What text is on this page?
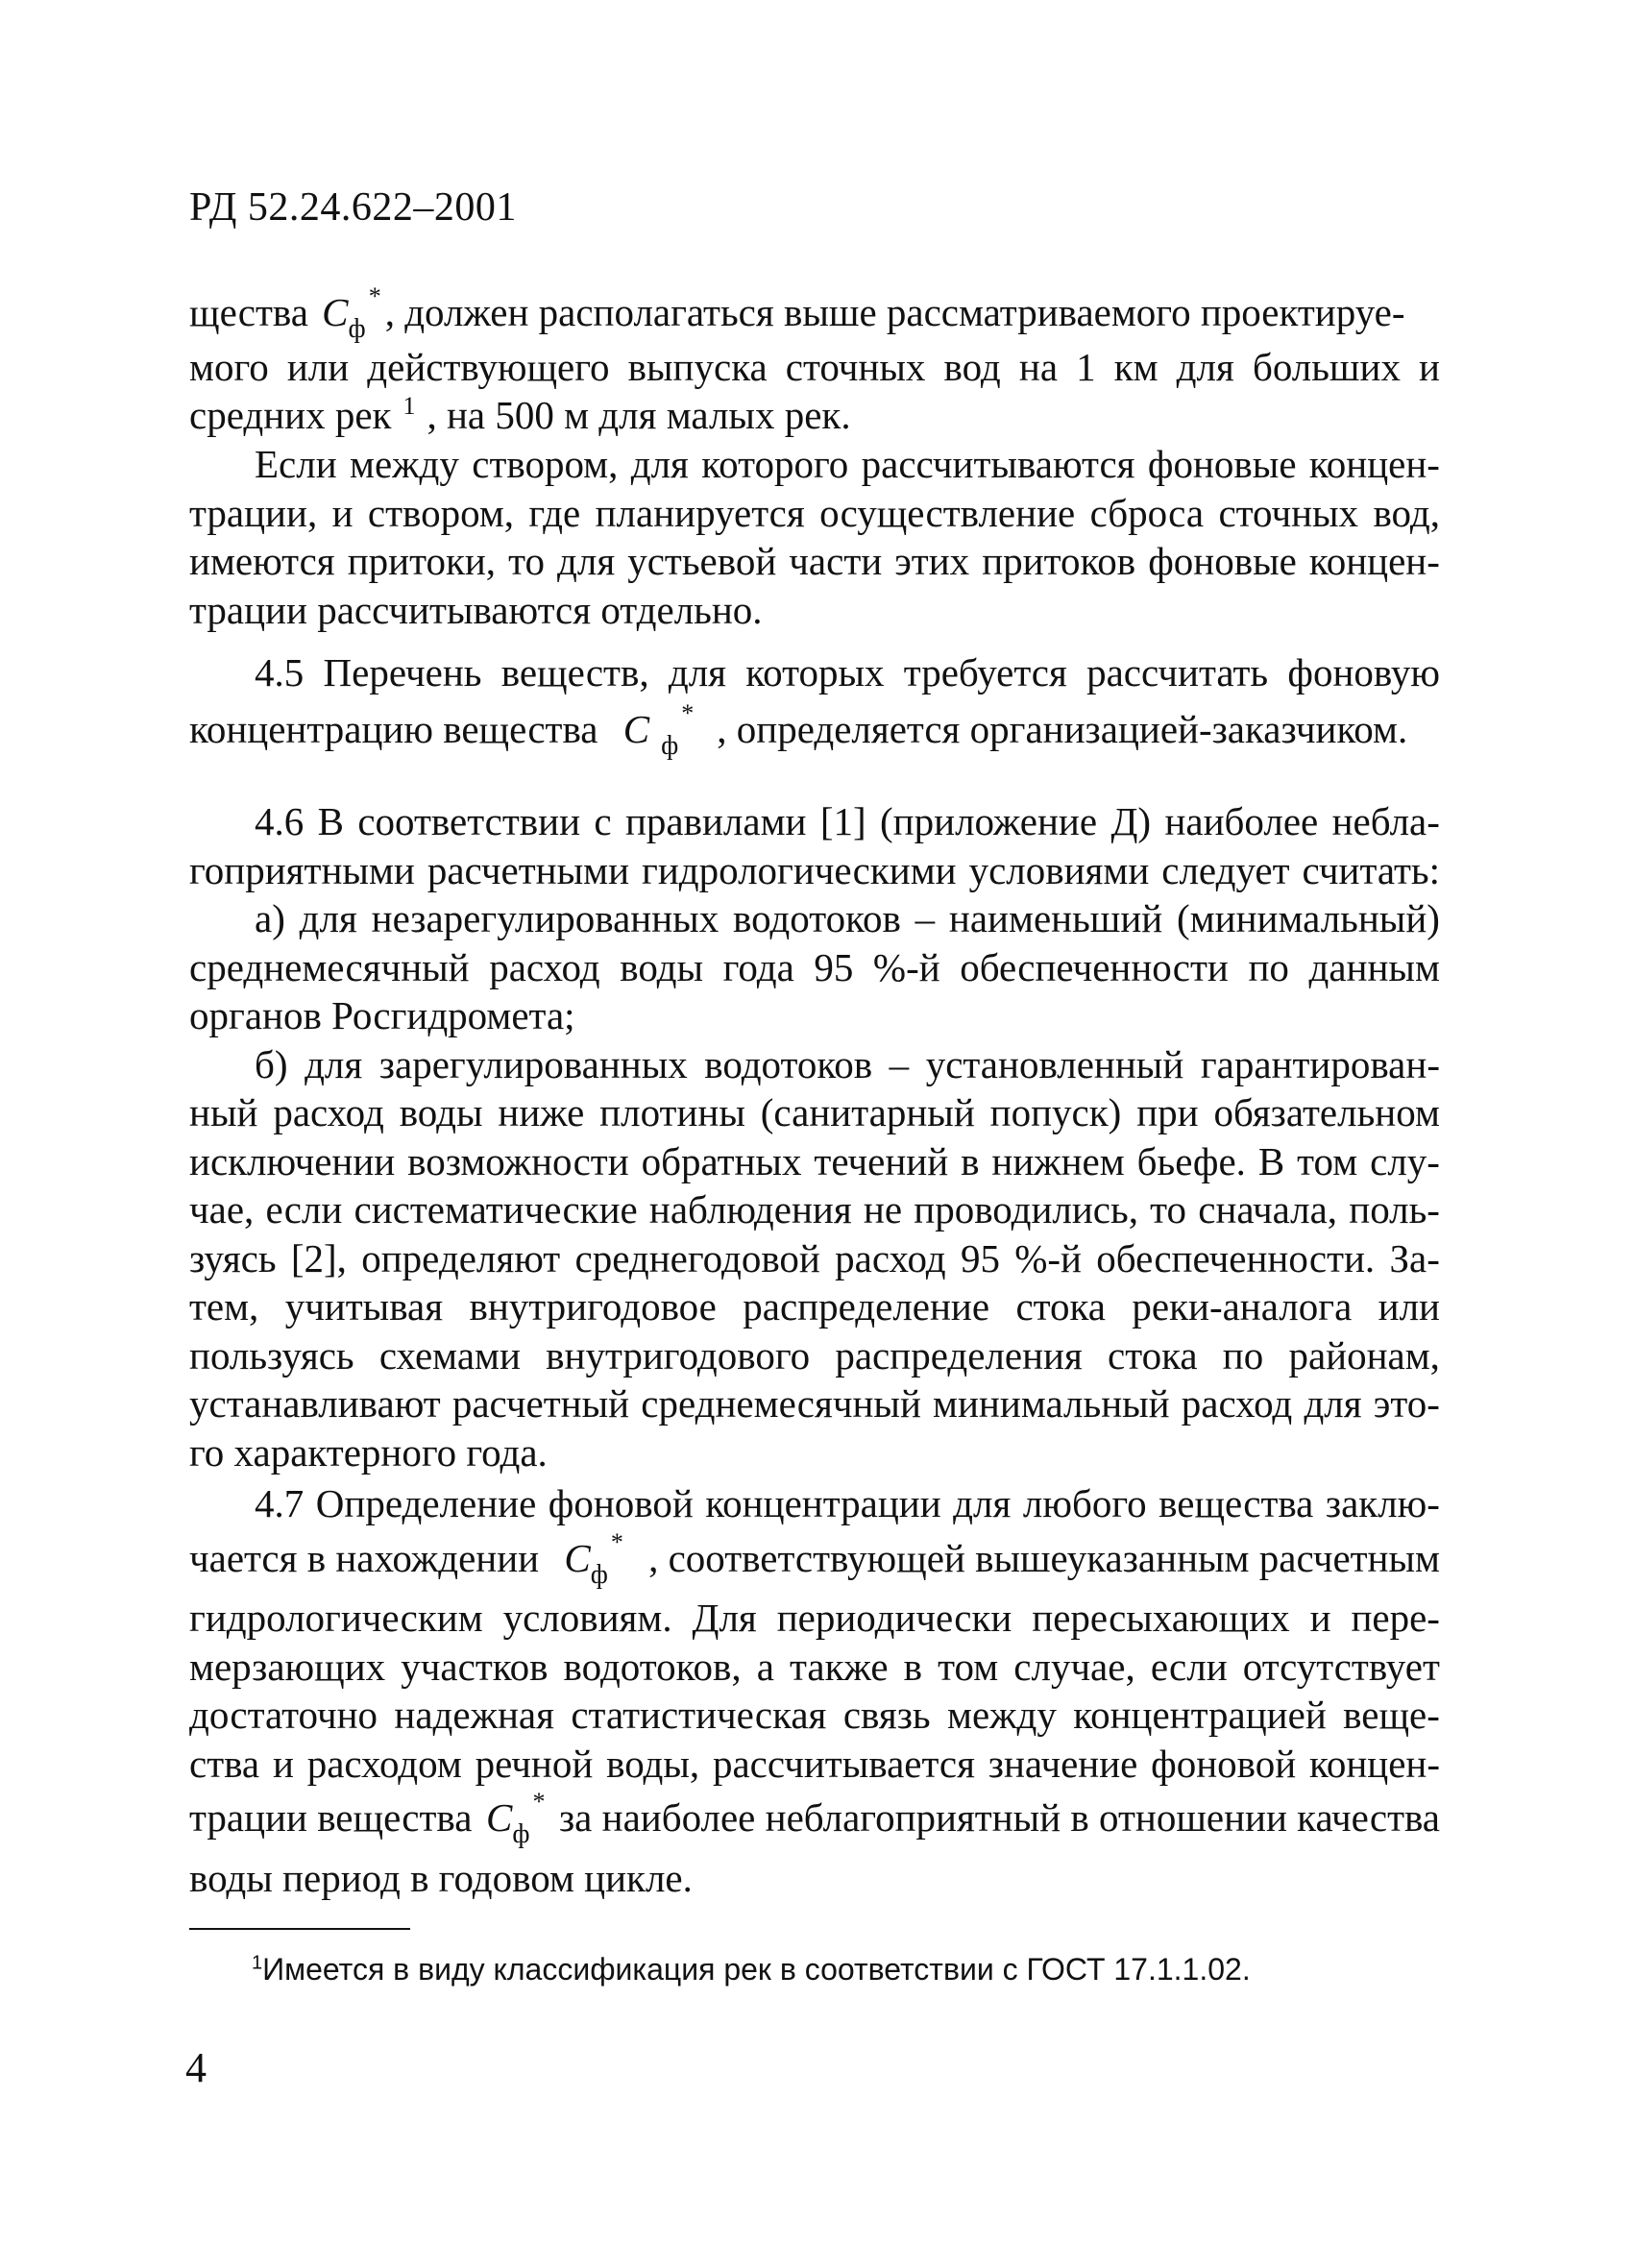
РД 52.24.622–2001
щества $C_ф$
* , должен располагаться выше рассматриваемого проектируе-
мого или действующего выпуска сточных вод на 1 км для больших и
средних рек $^1$ , на 500 м для малых рек.
Если между створом, для которого рассчитываются фоновые концен-
трации, и створом, где планируется осуществление сброса сточных вод,
имеются притоки, то для устьевой части этих притоков фоновые концен-
трации рассчитываются отдельно.
4.5 Перечень веществ, для которых требуется рассчитать фоновую
концентрацию вещества C $_ф$
* , определяется организацией-заказчиком.
4.6 В соответствии с правилами [1] (приложение Д) наиболее небла-
гоприятными расчетными гидрологическими условиями следует считать:
а) для незарегулированных водотоков – наименьший (минимальный)
среднемесячный расход воды года 95 %-й обеспеченности по данным
органов Росгидромета;
б) для зарегулированных водотоков – установленный гарантирован-
ный расход воды ниже плотины (санитарный попуск) при обязательном
исключении возможности обратных течений в нижнем бьефе. В том слу-
чае, если систематические наблюдения не проводились, то сначала, поль-
зуясь [2], определяют среднегодовой расход 95 %-й обеспеченности. За-
тем, учитывая внутригодовое распределение стока реки-аналога или
пользуясь схемами внутригодового распределения стока по районам,
устанавливают расчетный среднемесячный минимальный расход для это-
го характерного года.
4.7 Определение фоновой концентрации для любого вещества заклю-
чается в нахождении $C_ф$
* , соответствующей вышеуказанным расчетным
гидрологическим условиям. Для периодически пересыхающих и пере-
мерзающих участков водотоков, а также в том случае, если отсутствует
достаточно надежная статистическая связь между концентрацией веще-
ства и расходом речной воды, рассчитывается значение фоновой концен-
трации вещества $C_ф$
* за наиболее неблагоприятный в отношении качества
воды период в годовом цикле.
$^1$Имеется в виду классификация рек в соответствии с ГОСТ 17.1.1.02.
4
